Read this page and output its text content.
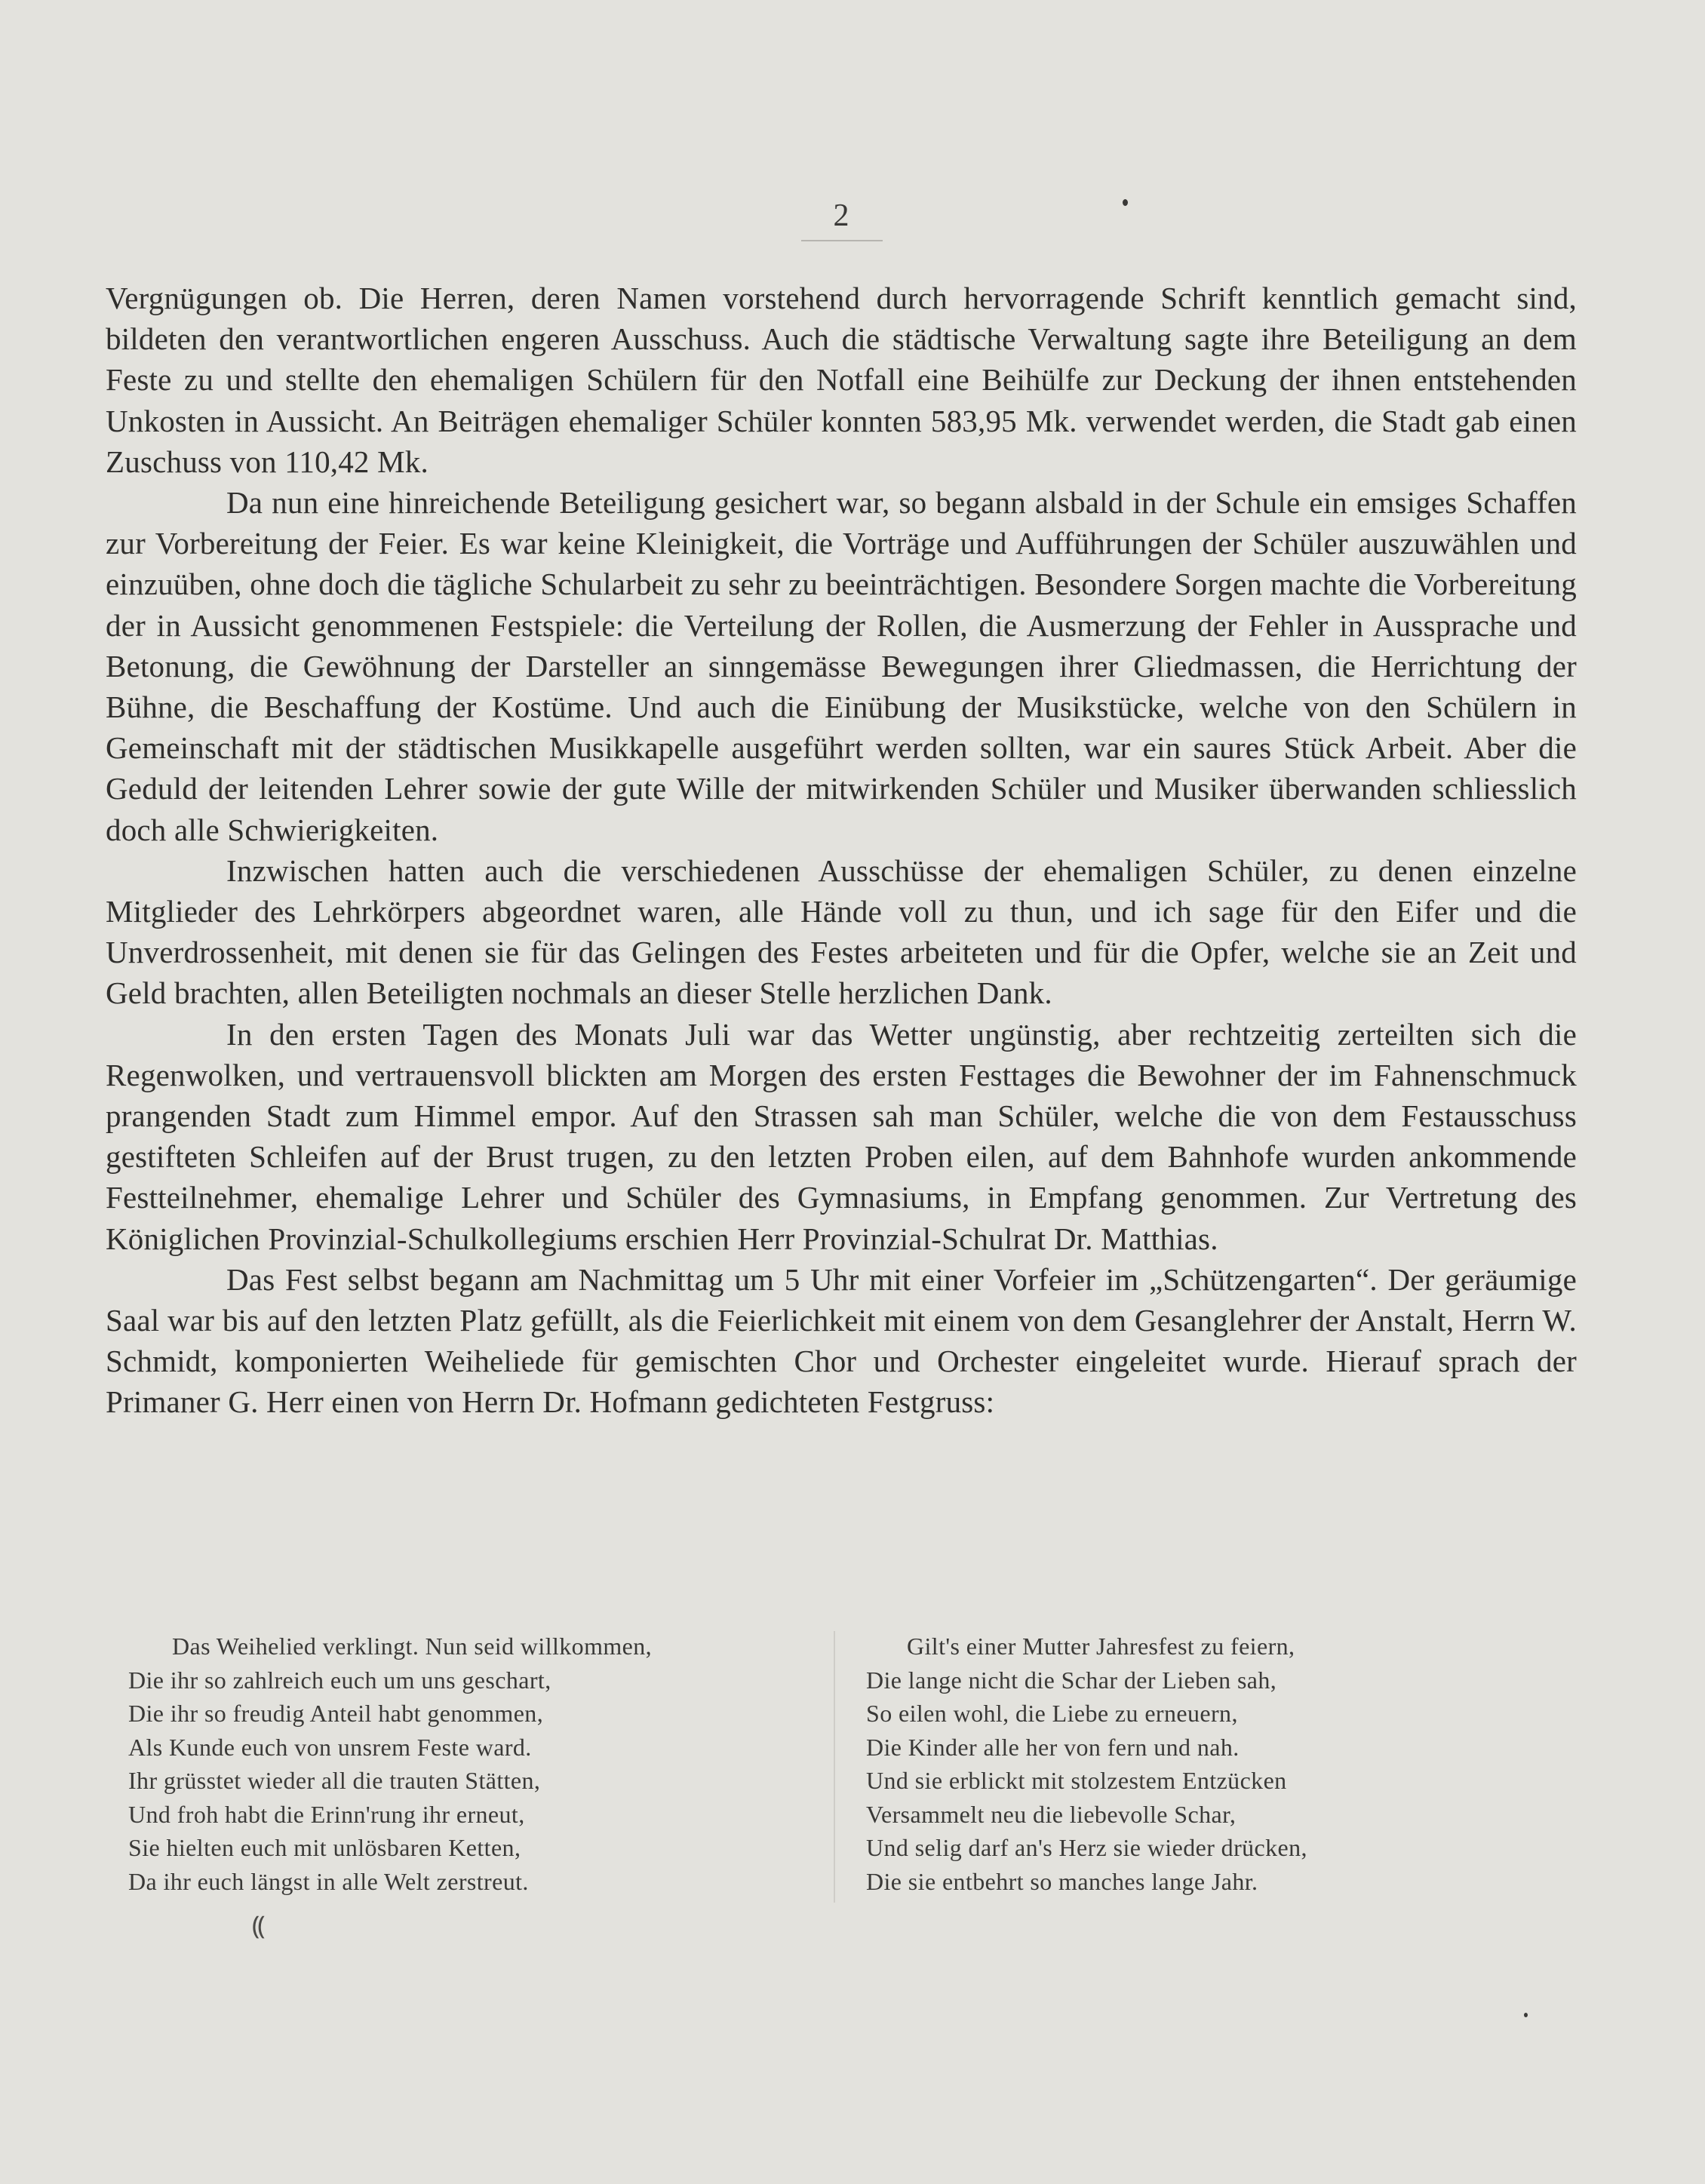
2

Vergnügungen ob. Die Herren, deren Namen vorstehend durch hervorragende Schrift kenntlich gemacht sind, bildeten den verantwortlichen engeren Ausschuss. Auch die städtische Verwaltung sagte ihre Beteiligung an dem Feste zu und stellte den ehemaligen Schülern für den Notfall eine Beihülfe zur Deckung der ihnen entstehenden Unkosten in Aussicht. An Beiträgen ehemaliger Schüler konnten 583,95 Mk. verwendet werden, die Stadt gab einen Zuschuss von 110,42 Mk.

Da nun eine hinreichende Beteiligung gesichert war, so begann alsbald in der Schule ein emsiges Schaffen zur Vorbereitung der Feier. Es war keine Kleinigkeit, die Vorträge und Aufführungen der Schüler auszuwählen und einzuüben, ohne doch die tägliche Schularbeit zu sehr zu beeinträchtigen. Besondere Sorgen machte die Vorbereitung der in Aussicht genommenen Festspiele: die Verteilung der Rollen, die Ausmerzung der Fehler in Aussprache und Betonung, die Gewöhnung der Darsteller an sinngemässe Bewegungen ihrer Gliedmassen, die Herrichtung der Bühne, die Beschaffung der Kostüme. Und auch die Einübung der Musikstücke, welche von den Schülern in Gemeinschaft mit der städtischen Musikkapelle ausgeführt werden sollten, war ein saures Stück Arbeit. Aber die Geduld der leitenden Lehrer sowie der gute Wille der mitwirkenden Schüler und Musiker überwanden schliesslich doch alle Schwierigkeiten.

Inzwischen hatten auch die verschiedenen Ausschüsse der ehemaligen Schüler, zu denen einzelne Mitglieder des Lehrkörpers abgeordnet waren, alle Hände voll zu thun, und ich sage für den Eifer und die Unverdrossenheit, mit denen sie für das Gelingen des Festes arbeiteten und für die Opfer, welche sie an Zeit und Geld brachten, allen Beteiligten nochmals an dieser Stelle herzlichen Dank.

In den ersten Tagen des Monats Juli war das Wetter ungünstig, aber rechtzeitig zerteilten sich die Regenwolken, und vertrauensvoll blickten am Morgen des ersten Festtages die Bewohner der im Fahnenschmuck prangenden Stadt zum Himmel empor. Auf den Strassen sah man Schüler, welche die von dem Festausschuss gestifteten Schleifen auf der Brust trugen, zu den letzten Proben eilen, auf dem Bahnhofe wurden ankommende Festteilnehmer, ehemalige Lehrer und Schüler des Gymnasiums, in Empfang genommen. Zur Vertretung des Königlichen Provinzial-Schulkollegiums erschien Herr Provinzial-Schulrat Dr. Matthias.

Das Fest selbst begann am Nachmittag um 5 Uhr mit einer Vorfeier im „Schützengarten“. Der geräumige Saal war bis auf den letzten Platz gefüllt, als die Feierlichkeit mit einem von dem Gesanglehrer der Anstalt, Herrn W. Schmidt, komponierten Weiheliede für gemischten Chor und Orchester eingeleitet wurde. Hierauf sprach der Primaner G. Herr einen von Herrn Dr. Hofmann gedichteten Festgruss:

Das Weihelied verklingt. Nun seid willkommen,
Die ihr so zahlreich euch um uns geschart,
Die ihr so freudig Anteil habt genommen,
Als Kunde euch von unsrem Feste ward.
Ihr grüsstet wieder all die trauten Stätten,
Und froh habt die Erinn'rung ihr erneut,
Sie hielten euch mit unlösbaren Ketten,
Da ihr euch längst in alle Welt zerstreut.
Gilt's einer Mutter Jahresfest zu feiern,
Die lange nicht die Schar der Lieben sah,
So eilen wohl, die Liebe zu erneuern,
Die Kinder alle her von fern und nah.
Und sie erblickt mit stolzestem Entzücken
Versammelt neu die liebevolle Schar,
Und selig darf an's Herz sie wieder drücken,
Die sie entbehrt so manches lange Jahr.
⸨
